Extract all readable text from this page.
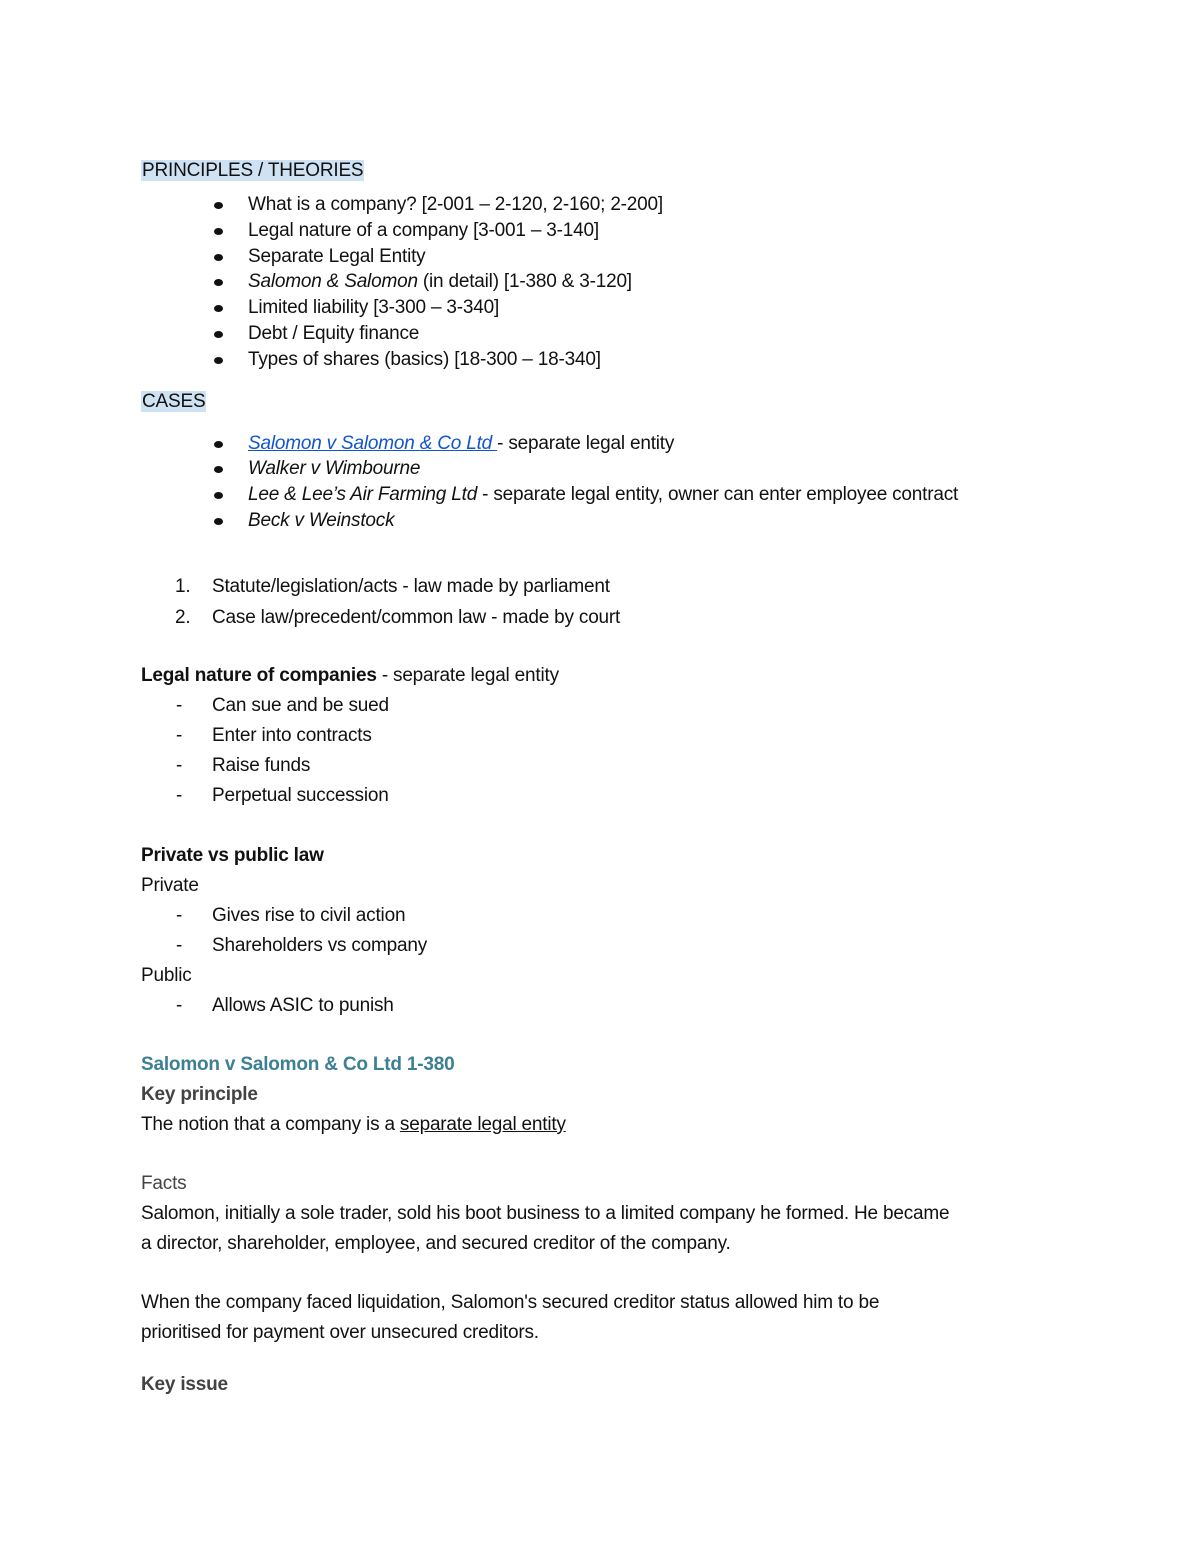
PRINCIPLES / THEORIES

What is a company? [2-001 – 2-120, 2-160; 2-200]
Legal nature of a company [3-001 – 3-140]
Separate Legal Entity
Salomon & Salomon (in detail) [1-380 & 3-120]
Limited liability [3-300 – 3-340]
Debt / Equity finance
Types of shares (basics) [18-300 – 18-340]

CASES

Salomon v Salomon & Co Ltd - separate legal entity
Walker v Wimbourne
Lee & Lee’s Air Farming Ltd - separate legal entity, owner can enter employee contract
Beck v Weinstock
1. Statute/legislation/acts - law made by parliament
2. Case law/precedent/common law - made by court

Legal nature of companies - separate legal entity

- Can sue and be sued
- Enter into contracts
- Raise funds
- Perpetual succession

Private vs public law

Private

- Gives rise to civil action
- Shareholders vs company

Public

- Allows ASIC to punish

Salomon v Salomon & Co Ltd 1-380

Key principle

The notion that a company is a separate legal entity

Facts

Salomon, initially a sole trader, sold his boot business to a limited company he formed. He became

a director, shareholder, employee, and secured creditor of the company.

When the company faced liquidation, Salomon's secured creditor status allowed him to be

prioritised for payment over unsecured creditors.

Key issue
